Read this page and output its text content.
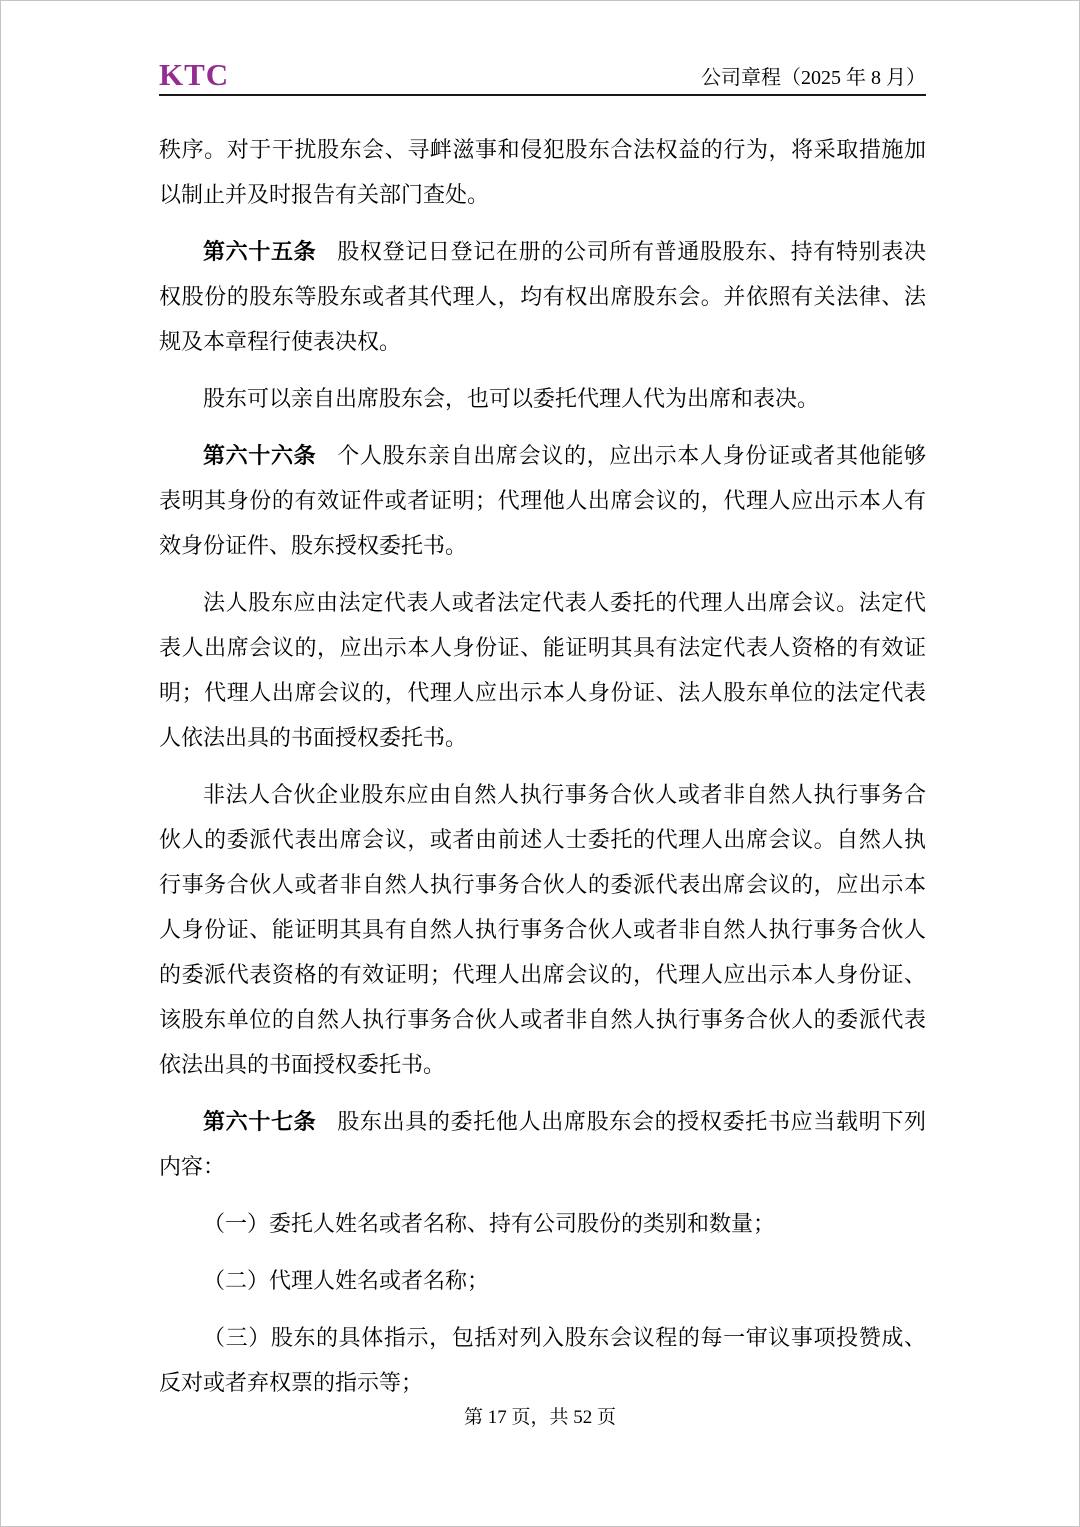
KTC	公司章程（2025 年 8 月）

秩序。对于干扰股东会、寻衅滋事和侵犯股东合法权益的行为，将采取措施加以制止并及时报告有关部门查处。

第六十五条 股权登记日登记在册的公司所有普通股股东、持有特别表决权股份的股东等股东或者其代理人，均有权出席股东会。并依照有关法律、法规及本章程行使表决权。

股东可以亲自出席股东会，也可以委托代理人代为出席和表决。

第六十六条 个人股东亲自出席会议的，应出示本人身份证或者其他能够表明其身份的有效证件或者证明；代理他人出席会议的，代理人应出示本人有效身份证件、股东授权委托书。

法人股东应由法定代表人或者法定代表人委托的代理人出席会议。法定代表人出席会议的，应出示本人身份证、能证明其具有法定代表人资格的有效证明；代理人出席会议的，代理人应出示本人身份证、法人股东单位的法定代表人依法出具的书面授权委托书。

非法人合伙企业股东应由自然人执行事务合伙人或者非自然人执行事务合伙人的委派代表出席会议，或者由前述人士委托的代理人出席会议。自然人执行事务合伙人或者非自然人执行事务合伙人的委派代表出席会议的，应出示本人身份证、能证明其具有自然人执行事务合伙人或者非自然人执行事务合伙人的委派代表资格的有效证明；代理人出席会议的，代理人应出示本人身份证、该股东单位的自然人执行事务合伙人或者非自然人执行事务合伙人的委派代表依法出具的书面授权委托书。

第六十七条 股东出具的委托他人出席股东会的授权委托书应当载明下列内容：

（一）委托人姓名或者名称、持有公司股份的类别和数量；

（二）代理人姓名或者名称；

（三）股东的具体指示，包括对列入股东会议程的每一审议事项投赞成、反对或者弃权票的指示等；

第 17 页，共 52 页
